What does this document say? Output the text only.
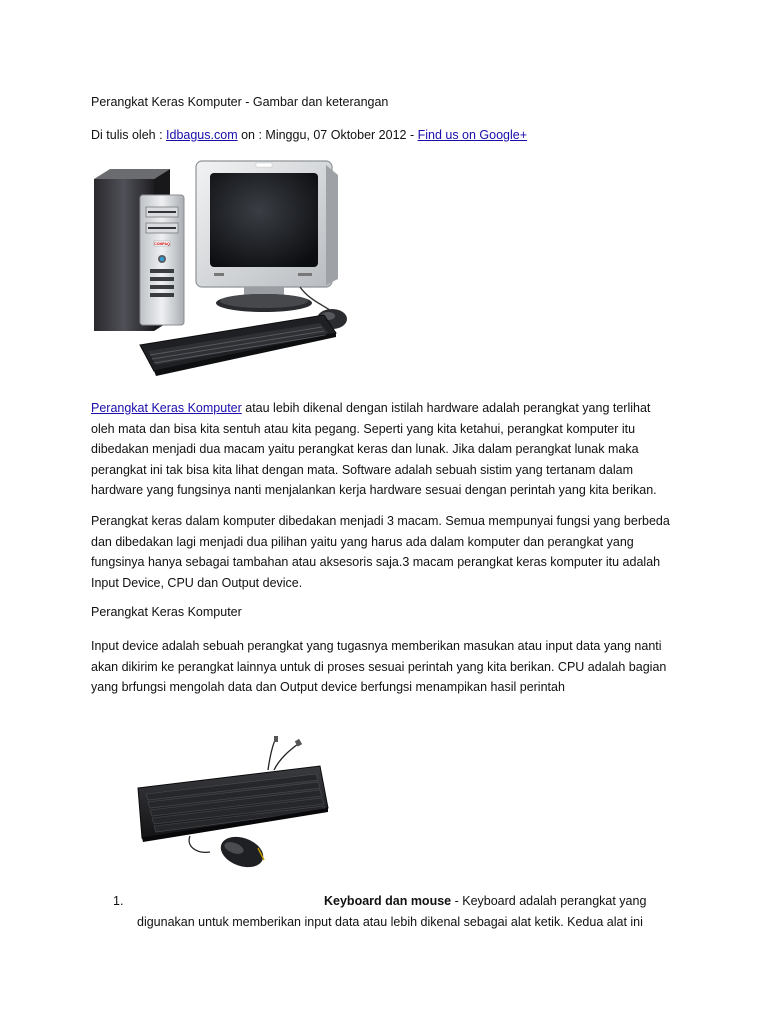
Perangkat Keras Komputer - Gambar dan keterangan
Di tulis oleh : Idbagus.com on : Minggu, 07 Oktober 2012 - Find us on Google+
COMPAQ
Perangkat Keras Komputer atau lebih dikenal dengan istilah hardware adalah perangkat yang terlihat
oleh mata dan bisa kita sentuh atau kita pegang. Seperti yang kita ketahui, perangkat komputer itu
dibedakan menjadi dua macam yaitu perangkat keras dan lunak. Jika dalam perangkat lunak maka
perangkat ini tak bisa kita lihat dengan mata. Software adalah sebuah sistim yang tertanam dalam
hardware yang fungsinya nanti menjalankan kerja hardware sesuai dengan perintah yang kita berikan.
Perangkat keras dalam komputer dibedakan menjadi 3 macam. Semua mempunyai fungsi yang berbeda
dan dibedakan lagi menjadi dua pilihan yaitu yang harus ada dalam komputer dan perangkat yang
fungsinya hanya sebagai tambahan atau aksesoris saja.3 macam perangkat keras komputer itu adalah
Input Device, CPU dan Output device.
Perangkat Keras Komputer
Input device adalah sebuah perangkat yang tugasnya memberikan masukan atau input data yang nanti
akan dikirim ke perangkat lainnya untuk di proses sesuai perintah yang kita berikan. CPU adalah bagian
yang brfungsi mengolah data dan Output device berfungsi menampikan hasil perintah
1.	Keyboard dan mouse - Keyboard adalah perangkat yang
digunakan untuk memberikan input data atau lebih dikenal sebagai alat ketik. Kedua alat ini
